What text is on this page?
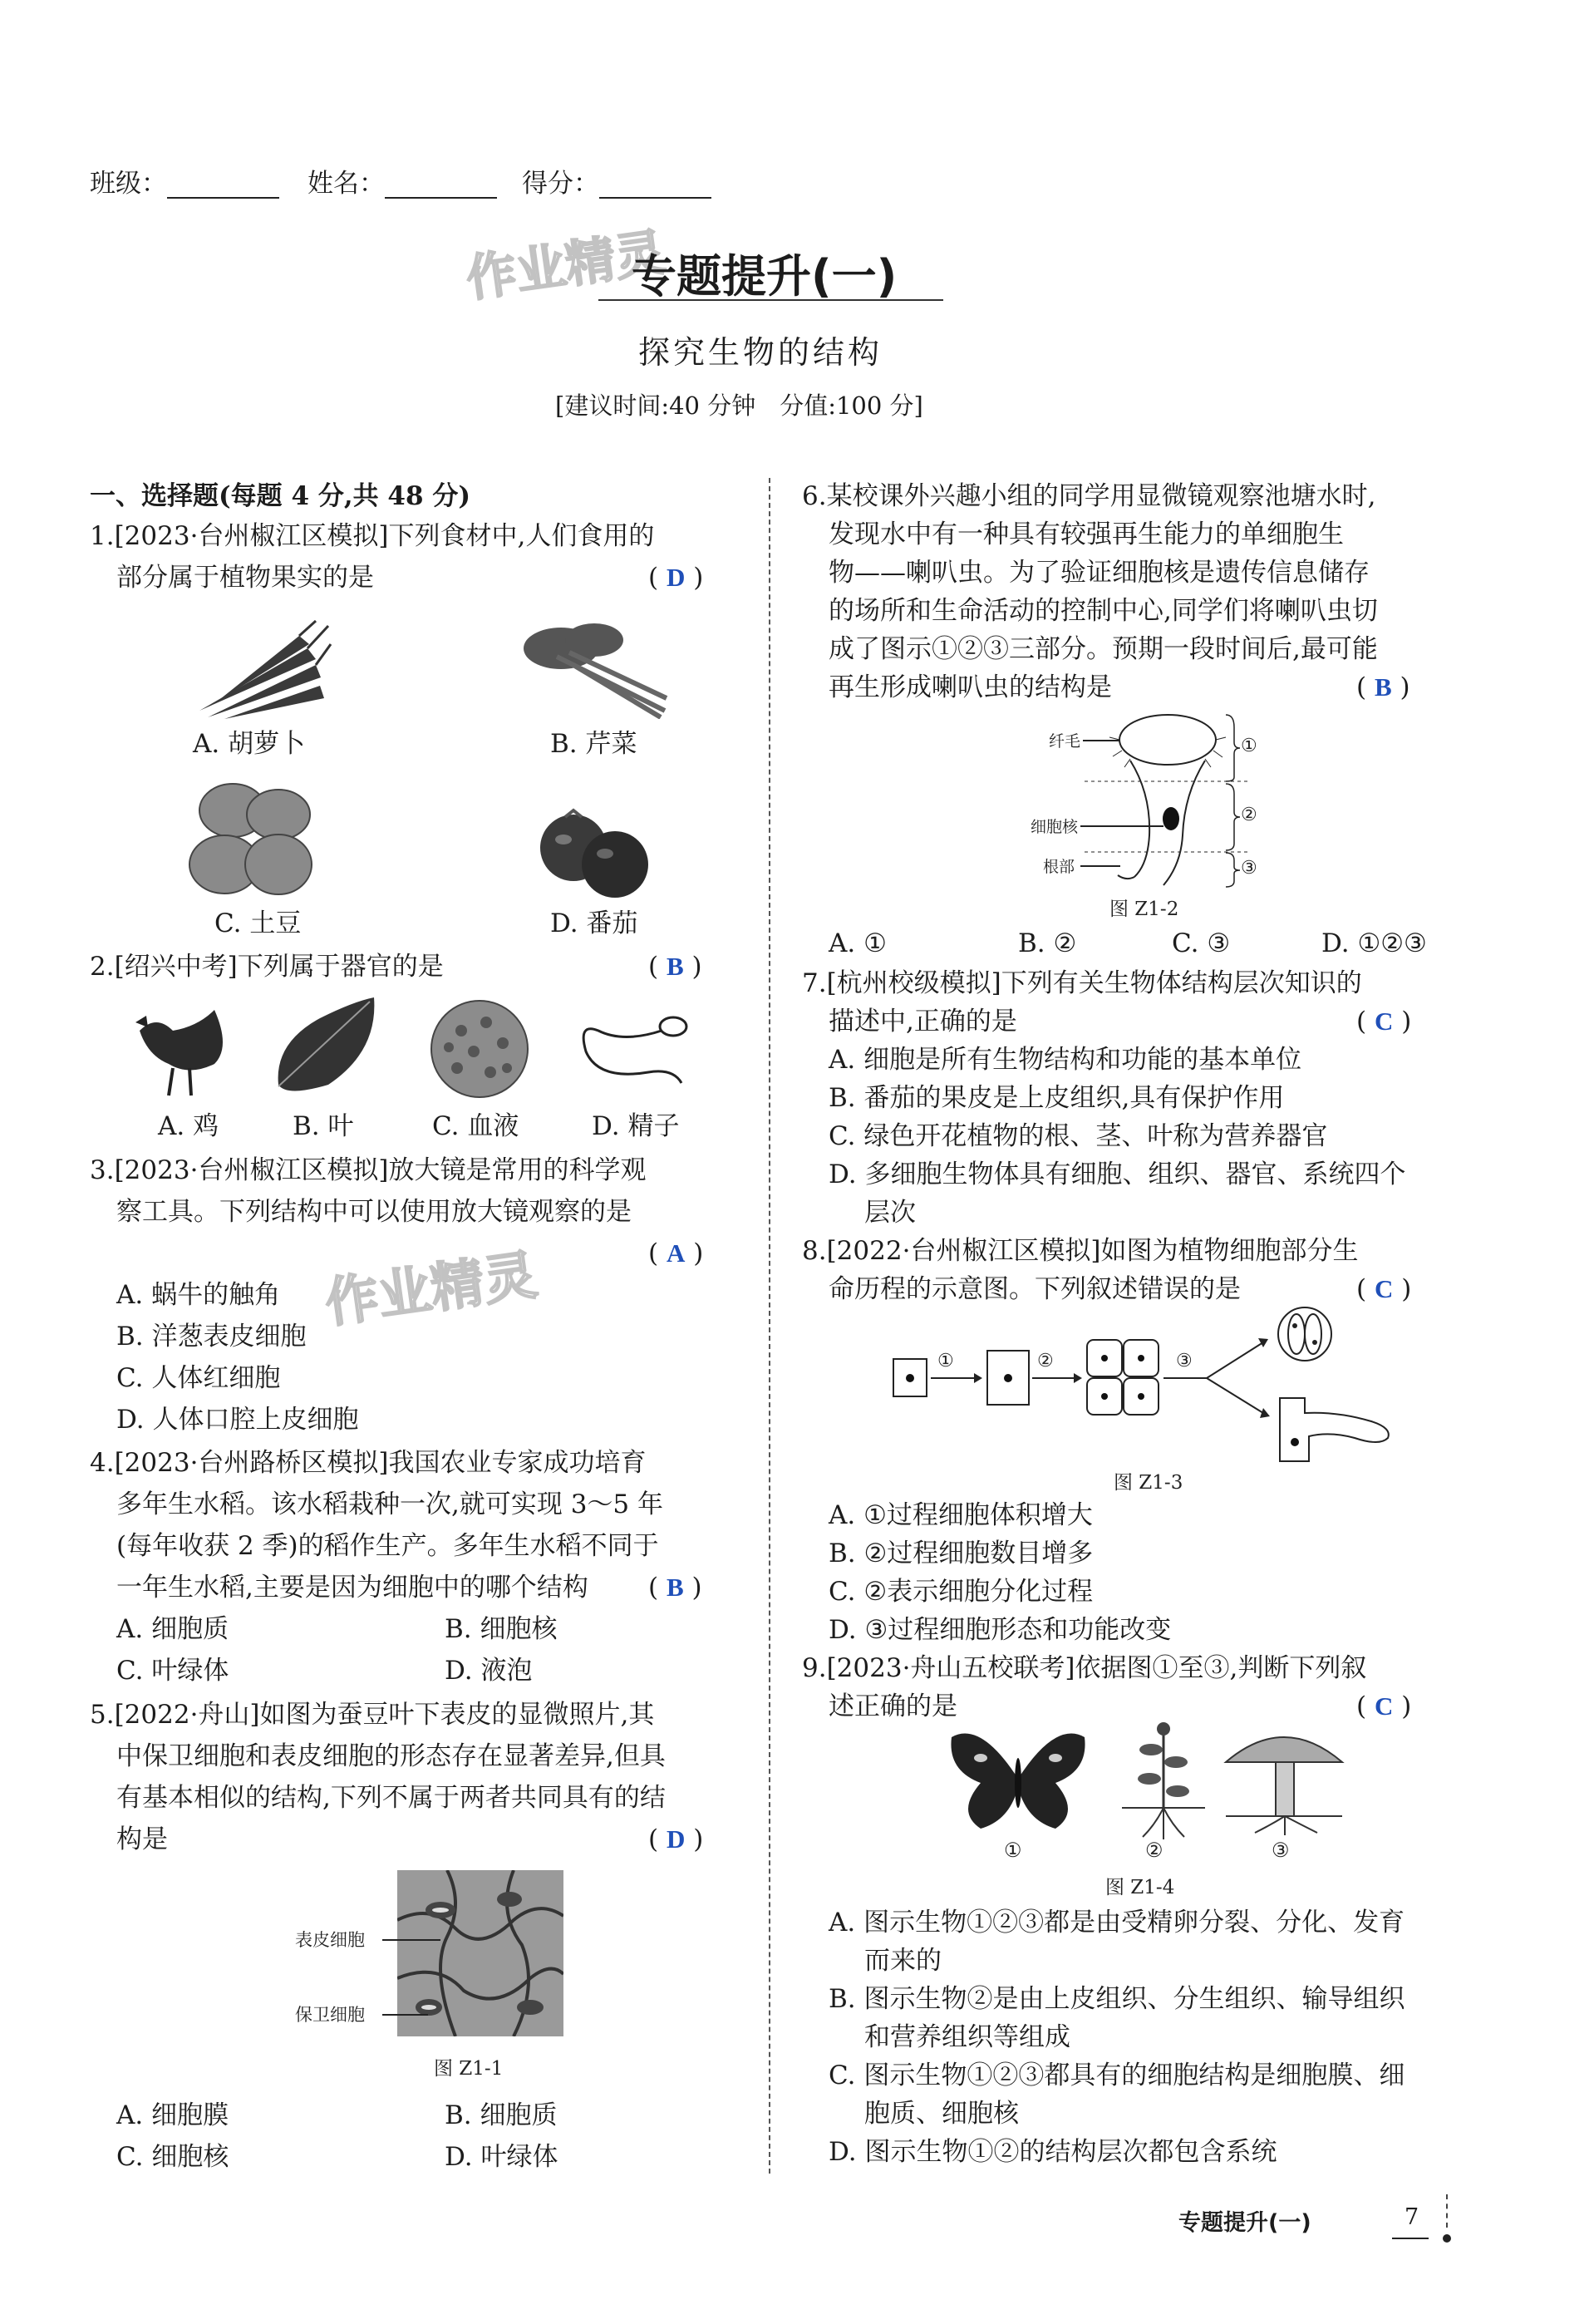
班级：	姓名：	得分：
作业精灵
专题提升(一)
探究生物的结构
[建议时间:40 分钟　分值:100 分]
一、选择题(每题 4 分,共 48 分)
1.[2023·台州椒江区模拟]下列食材中,人们食用的
部分属于植物果实的是	( D )
A. 胡萝卜	B. 芹菜
C. 土豆	D. 番茄
2.[绍兴中考]下列属于器官的是	( B )
A. 鸡	B. 叶	C. 血液	D. 精子
3.[2023·台州椒江区模拟]放大镜是常用的科学观
察工具。下列结构中可以使用放大镜观察的是
( A )
作业精灵
A. 蜗牛的触角
B. 洋葱表皮细胞
C. 人体红细胞
D. 人体口腔上皮细胞
4.[2023·台州路桥区模拟]我国农业专家成功培育
多年生水稻。该水稻栽种一次,就可实现 3～5 年
(每年收获 2 季)的稻作生产。多年生水稻不同于
一年生水稻,主要是因为细胞中的哪个结构 ( B )
A. 细胞质	B. 细胞核
C. 叶绿体	D. 液泡
5.[2022·舟山]如图为蚕豆叶下表皮的显微照片,其
中保卫细胞和表皮细胞的形态存在显著差异,但具
有基本相似的结构,下列不属于两者共同具有的结
构是	( D )
表皮细胞
保卫细胞
图 Z1-1
A. 细胞膜	B. 细胞质
C. 细胞核	D. 叶绿体
6.某校课外兴趣小组的同学用显微镜观察池塘水时,
发现水中有一种具有较强再生能力的单细胞生
物——喇叭虫。为了验证细胞核是遗传信息储存
的场所和生命活动的控制中心,同学们将喇叭虫切
成了图示①②③三部分。预期一段时间后,最可能
再生形成喇叭虫的结构是	( B )
纤毛
细胞核
根部
①
②
③
图 Z1-2
A. ①	B. ②	C. ③	D. ①②③
7.[杭州校级模拟]下列有关生物体结构层次知识的
描述中,正确的是	( C )
A. 细胞是所有生物结构和功能的基本单位
B. 番茄的果皮是上皮组织,具有保护作用
C. 绿色开花植物的根、茎、叶称为营养器官
D. 多细胞生物体具有细胞、组织、器官、系统四个
层次
8.[2022·台州椒江区模拟]如图为植物细胞部分生
命历程的示意图。下列叙述错误的是	( C )
①	②	③
图 Z1-3
A. ①过程细胞体积增大
B. ②过程细胞数目增多
C. ②表示细胞分化过程
D. ③过程细胞形态和功能改变
9.[2023·舟山五校联考]依据图①至③,判断下列叙
述正确的是	( C )
①	②	③
图 Z1-4
A. 图示生物①②③都是由受精卵分裂、分化、发育
而来的
B. 图示生物②是由上皮组织、分生组织、输导组织
和营养组织等组成
C. 图示生物①②③都具有的细胞结构是细胞膜、细
胞质、细胞核
D. 图示生物①②的结构层次都包含系统
专题提升(一)	7
